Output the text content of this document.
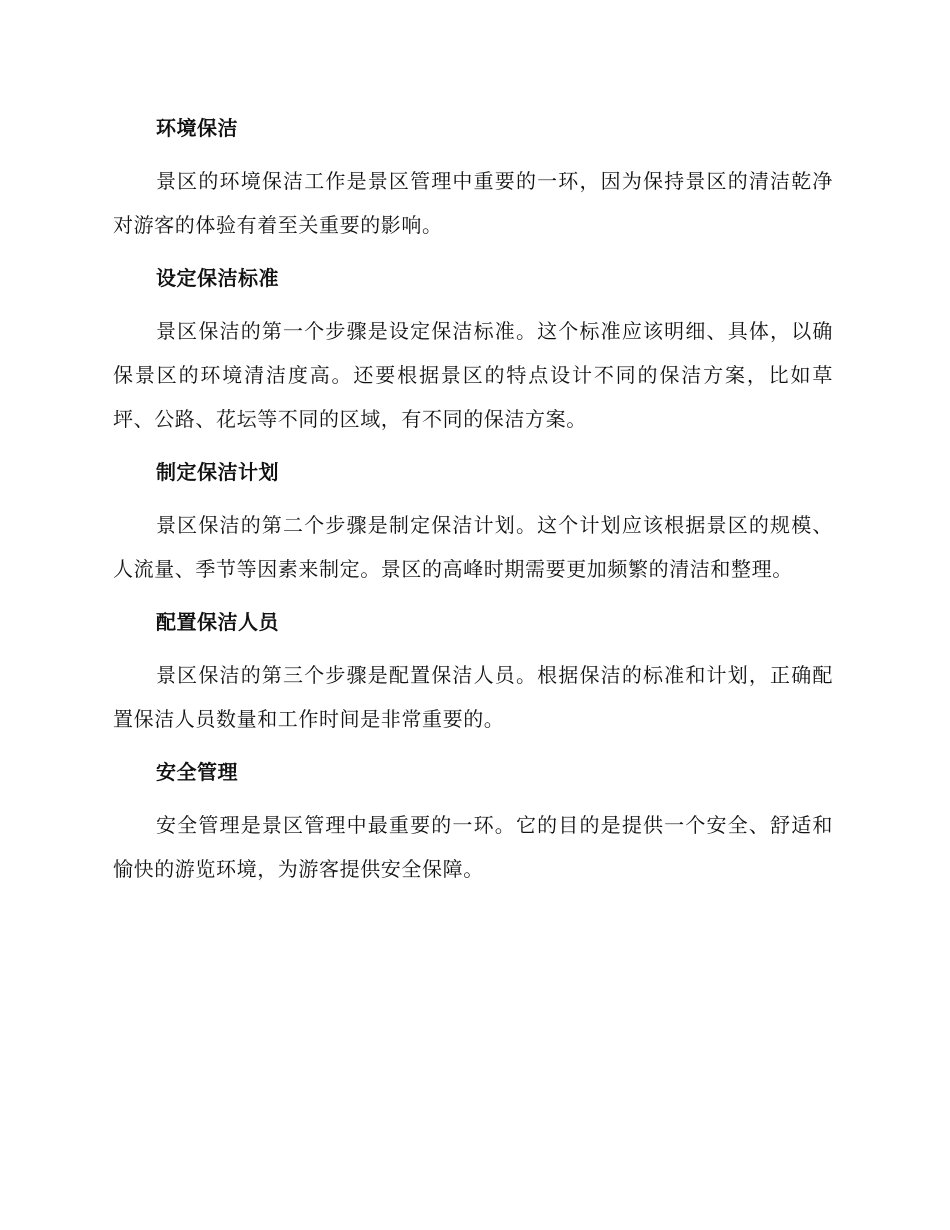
环境保洁

景区的环境保洁工作是景区管理中重要的一环，因为保持景区的清洁乾净对游客的体验有着至关重要的影响。

设定保洁标准

景区保洁的第一个步骤是设定保洁标准。这个标准应该明细、具体，以确保景区的环境清洁度高。还要根据景区的特点设计不同的保洁方案，比如草坪、公路、花坛等不同的区域，有不同的保洁方案。

制定保洁计划

景区保洁的第二个步骤是制定保洁计划。这个计划应该根据景区的规模、人流量、季节等因素来制定。景区的高峰时期需要更加频繁的清洁和整理。

配置保洁人员

景区保洁的第三个步骤是配置保洁人员。根据保洁的标准和计划，正确配置保洁人员数量和工作时间是非常重要的。

安全管理

安全管理是景区管理中最重要的一环。它的目的是提供一个安全、舒适和愉快的游览环境，为游客提供安全保障。
